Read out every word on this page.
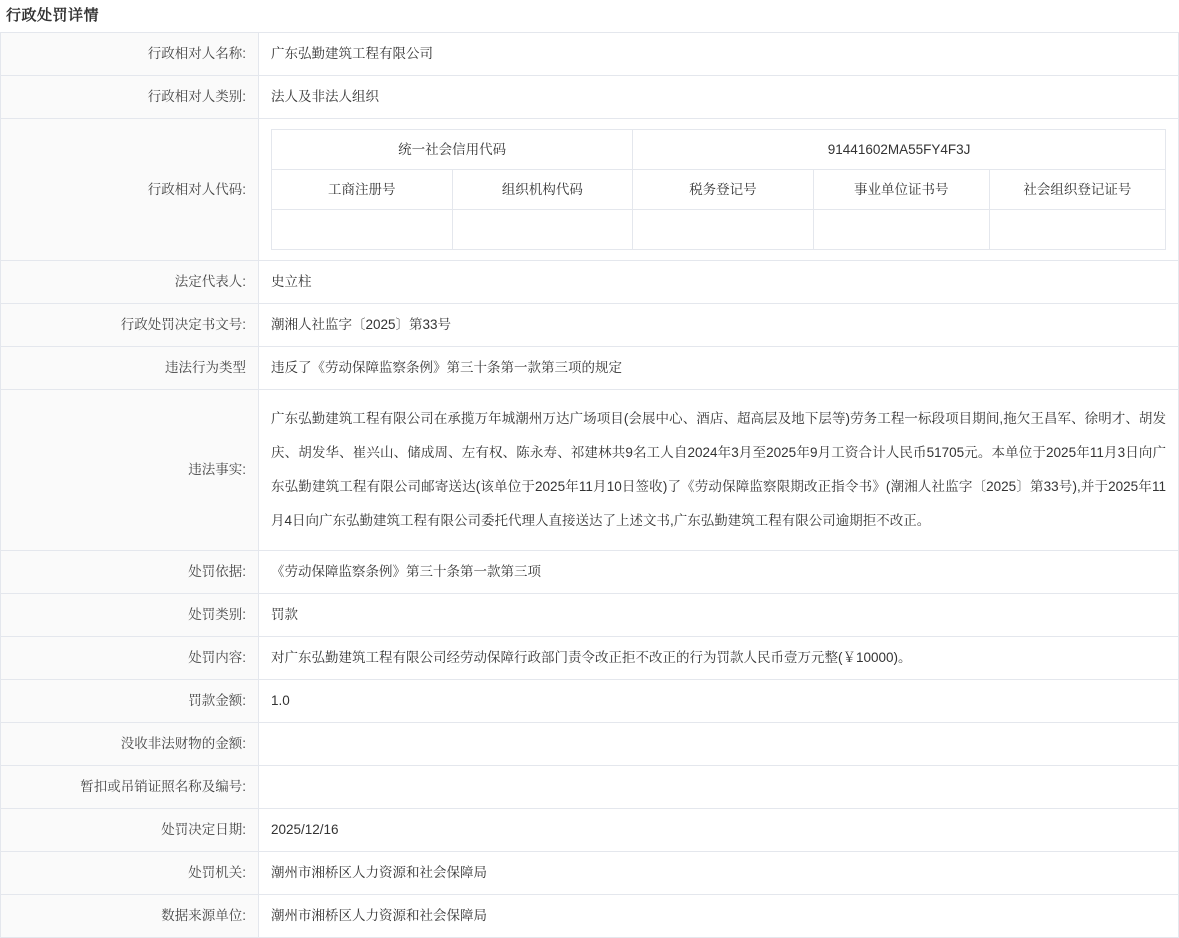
行政处罚详情
行政相对人名称:	广东弘勤建筑工程有限公司
行政相对人类别:	法人及非法人组织
行政相对人代码:	
统一社会信用代码	91441602MA55FY4F3J
工商注册号	组织机构代码	税务登记号	事业单位证书号	社会组织登记证号

法定代表人:	史立柱
行政处罚决定书文号:	潮湘人社监字〔2025〕第33号
违法行为类型	违反了《劳动保障监察条例》第三十条第一款第三项的规定
违法事实:	广东弘勤建筑工程有限公司在承揽万年城潮州万达广场项目(会展中心、酒店、超高层及地下层等)劳务工程一标段项目期间,拖欠王昌军、徐明才、胡发庆、胡发华、崔兴山、储成周、左有权、陈永寿、祁建林共9名工人自2024年3月至2025年9月工资合计人民币51705元。本单位于2025年11月3日向广东弘勤建筑工程有限公司邮寄送达(该单位于2025年11月10日签收)了《劳动保障监察限期改正指令书》(潮湘人社监字〔2025〕第33号),并于2025年11月4日向广东弘勤建筑工程有限公司委托代理人直接送达了上述文书,广东弘勤建筑工程有限公司逾期拒不改正。
处罚依据:	《劳动保障监察条例》第三十条第一款第三项
处罚类别:	罚款
处罚内容:	对广东弘勤建筑工程有限公司经劳动保障行政部门责令改正拒不改正的行为罚款人民币壹万元整(￥10000)。
罚款金额:	1.0
没收非法财物的金额:	
暂扣或吊销证照名称及编号:	
处罚决定日期:	2025/12/16
处罚机关:	潮州市湘桥区人力资源和社会保障局
数据来源单位:	潮州市湘桥区人力资源和社会保障局
